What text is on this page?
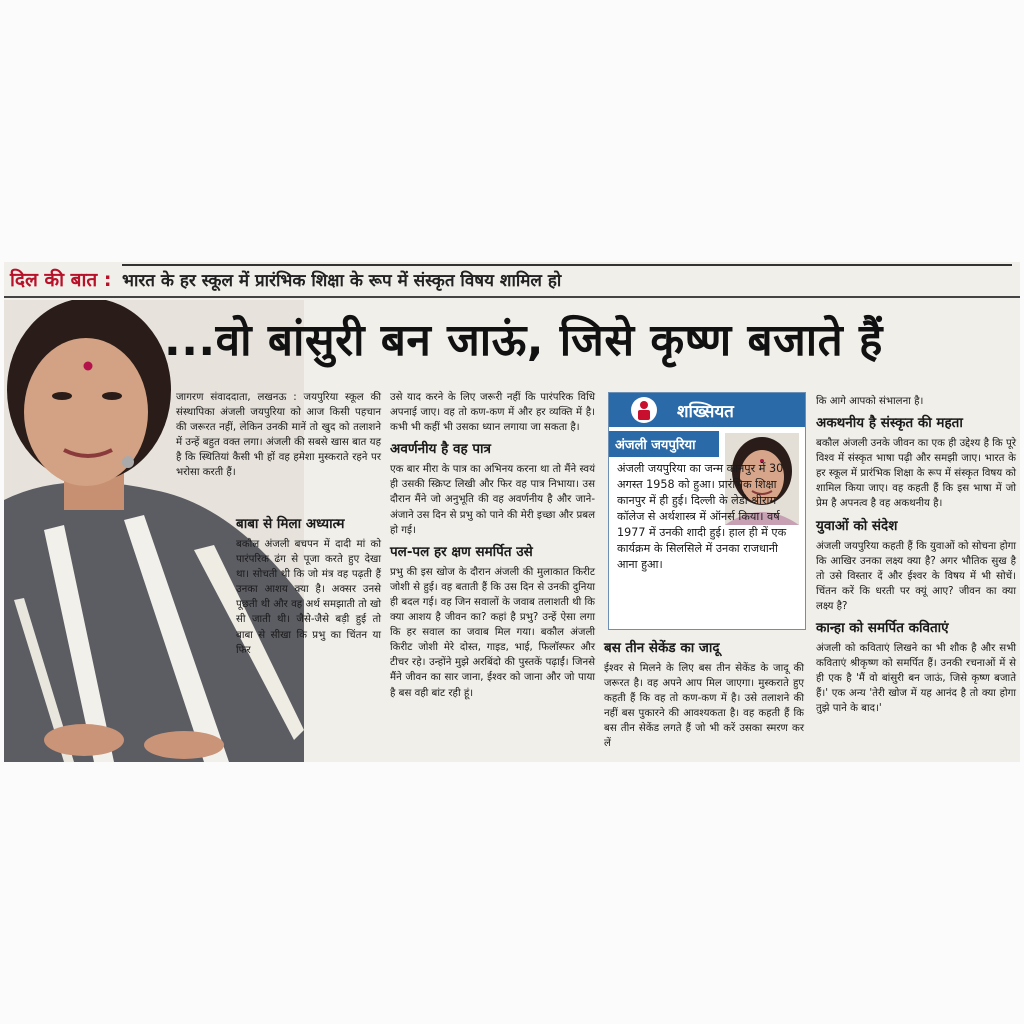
दिल की बात : भारत के हर स्कूल में प्रारंभिक शिक्षा के रूप में संस्कृत विषय शामिल हो
...वो बांसुरी बन जाऊं, जिसे कृष्ण बजाते हैं

जागरण संवाददाता, लखनऊ : जयपुरिया स्कूल की संस्थापिका अंजली जयपुरिया को आज किसी पहचान की जरूरत नहीं, लेकिन उनकी मानें तो खुद को तलाशने में उन्हें बहुत वक्त लगा। अंजली की सबसे खास बात यह है कि स्थितियां कैसी भी हों वह हमेशा मुस्कराते रहने पर भरोसा करती हैं।

बाबा से मिला अध्यात्म

बकौल अंजली बचपन में दादी मां को पारंपरिक ढंग से पूजा करते हुए देखा था। सोचती थी कि जो मंत्र वह पढ़ती हैं उनका आशय क्या है। अक्सर उनसे पूछती थी और वह अर्थ समझाती तो खो सी जाती थी। जैसे-जैसे बड़ी हुई तो बाबा से सीखा कि प्रभु का चिंतन या फिर

उसे याद करने के लिए जरूरी नहीं कि पारंपरिक विधि अपनाई जाए। वह तो कण-कण में और हर व्यक्ति में है। कभी भी कहीं भी उसका ध्यान लगाया जा सकता है।

अवर्णनीय है वह पात्र

एक बार मीरा के पात्र का अभिनय करना था तो मैंने स्वयं ही उसकी स्क्रिप्ट लिखी और फिर वह पात्र निभाया। उस दौरान मैंने जो अनुभूति की वह अवर्णनीय है और जाने-अंजाने उस दिन से प्रभु को पाने की मेरी इच्छा और प्रबल हो गई।

पल-पल हर क्षण समर्पित उसे

प्रभु की इस खोज के दौरान अंजली की मुलाकात किरीट जोशी से हुई। वह बताती हैं कि उस दिन से उनकी दुनिया ही बदल गई। वह जिन सवालों के जवाब तलाशती थी कि क्या आशय है जीवन का? कहां है प्रभु? उन्हें ऐसा लगा कि हर सवाल का जवाब मिल गया। बकौल अंजली किरीट जोशी मेरे दोस्त, गाइड, भाई, फिलॉस्फर और टीचर रहे। उन्होंने मुझे अरबिंदो की पुस्तकें पढ़ाईं। जिनसे मैंने जीवन का सार जाना, ईश्वर को जाना और जो पाया है बस वही बांट रही हूं।

शख्सियत
अंजली जयपुरिया
अंजली जयपुरिया का जन्म कानपुर में 30 अगस्त 1958 को हुआ। प्रारंभिक शिक्षा कानपुर में ही हुई। दिल्ली के लेडी श्रीराम कॉलेज से अर्थशास्त्र में ऑनर्स किया। वर्ष 1977 में उनकी शादी हुई। हाल ही में एक कार्यक्रम के सिलसिले में उनका राजधानी आना हुआ।
बस तीन सेकेंड का जादू

ईश्वर से मिलने के लिए बस तीन सेकेंड के जादू की जरूरत है। वह अपने आप मिल जाएगा। मुस्कराते हुए कहती हैं कि वह तो कण-कण में है। उसे तलाशने की नहीं बस पुकारने की आवश्यकता है। वह कहती हैं कि बस तीन सेकेंड लगते हैं जो भी करें उसका स्मरण कर लें

कि आगे आपको संभालना है।

अकथनीय है संस्कृत की महता

बकौल अंजली उनके जीवन का एक ही उद्देश्य है कि पूरे विश्व में संस्कृत भाषा पढ़ी और समझी जाए। भारत के हर स्कूल में प्रारंभिक शिक्षा के रूप में संस्कृत विषय को शामिल किया जाए। वह कहती हैं कि इस भाषा में जो प्रेम है अपनत्व है वह अकथनीय है।

युवाओं को संदेश

अंजली जयपुरिया कहती हैं कि युवाओं को सोचना होगा कि आखिर उनका लक्ष्य क्या है? अगर भौतिक सुख है तो उसे विस्तार दें और ईश्वर के विषय में भी सोचें। चिंतन करें कि धरती पर क्यूं आए? जीवन का क्या लक्ष्य है?

कान्हा को समर्पित कविताएं

अंजली को कविताएं लिखने का भी शौक है और सभी कविताएं श्रीकृष्ण को समर्पित हैं। उनकी रचनाओं में से ही एक है 'मैं वो बांसुरी बन जाऊं, जिसे कृष्ण बजाते हैं।' एक अन्य 'तेरी खोज में यह आनंद है तो क्या होगा तुझे पाने के बाद।'
